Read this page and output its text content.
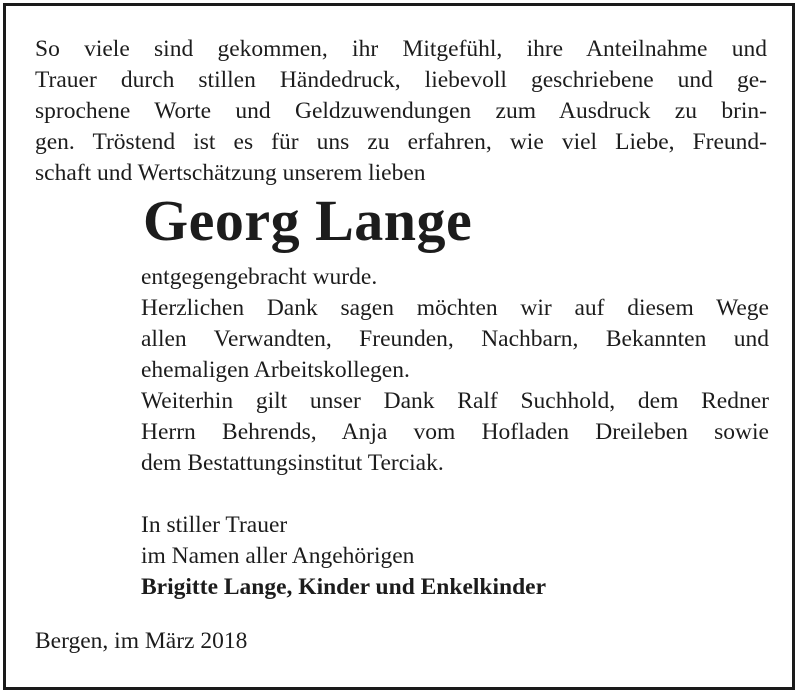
So viele sind gekommen, ihr Mitgefühl, ihre Anteilnahme und
Trauer durch stillen Händedruck, liebevoll geschriebene und ge-
sprochene Worte und Geldzuwendungen zum Ausdruck zu brin-
gen. Tröstend ist es für uns zu erfahren, wie viel Liebe, Freund-
schaft und Wertschätzung unserem lieben
Georg Lange
entgegengebracht wurde.
Herzlichen Dank sagen möchten wir auf diesem Wege
allen Verwandten, Freunden, Nachbarn, Bekannten und
ehemaligen Arbeitskollegen.
Weiterhin gilt unser Dank Ralf Suchhold, dem Redner
Herrn Behrends, Anja vom Hofladen Dreileben sowie
dem Bestattungsinstitut Terciak.
In stiller Trauer
im Namen aller Angehörigen
Brigitte Lange, Kinder und Enkelkinder
Bergen, im März 2018
